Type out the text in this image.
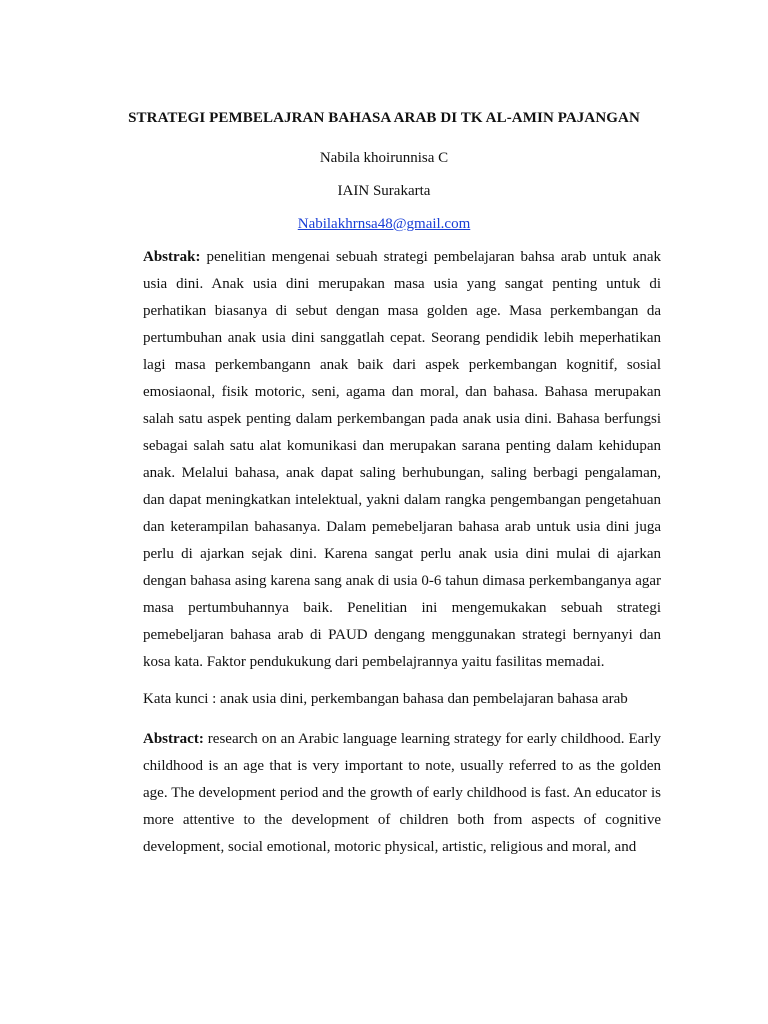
STRATEGI PEMBELAJRAN BAHASA ARAB DI TK AL-AMIN PAJANGAN
Nabila khoirunnisa C
IAIN Surakarta
Nabilakhrnsa48@gmail.com

Abstrak: penelitian mengenai sebuah strategi pembelajaran bahsa arab untuk anak usia dini. Anak usia dini merupakan masa usia yang sangat penting untuk di perhatikan biasanya di sebut dengan masa golden age. Masa perkembangan da pertumbuhan anak usia dini sanggatlah cepat. Seorang pendidik lebih meperhatikan lagi masa perkembangann anak baik dari aspek perkembangan kognitif, sosial emosiaonal, fisik motoric, seni, agama dan moral, dan bahasa. Bahasa merupakan salah satu aspek penting dalam perkembangan pada anak usia dini. Bahasa berfungsi sebagai salah satu alat komunikasi dan merupakan sarana penting dalam kehidupan anak. Melalui bahasa, anak dapat saling berhubungan, saling berbagi pengalaman, dan dapat meningkatkan intelektual, yakni dalam rangka pengembangan pengetahuan dan keterampilan bahasanya. Dalam pemebeljaran bahasa arab untuk usia dini juga perlu di ajarkan sejak dini. Karena sangat perlu anak usia dini mulai di ajarkan dengan bahasa asing karena sang anak di usia 0-6 tahun dimasa perkembanganya agar masa pertumbuhannya baik. Penelitian ini mengemukakan sebuah strategi pemebeljaran bahasa arab di PAUD dengang menggunakan strategi bernyanyi dan kosa kata. Faktor pendukukung dari pembelajrannya yaitu fasilitas memadai.

Kata kunci : anak usia dini, perkembangan bahasa dan pembelajaran bahasa arab

Abstract: research on an Arabic language learning strategy for early childhood. Early childhood is an age that is very important to note, usually referred to as the golden age. The development period and the growth of early childhood is fast. An educator is more attentive to the development of children both from aspects of cognitive development, social emotional, motoric physical, artistic, religious and moral, and
